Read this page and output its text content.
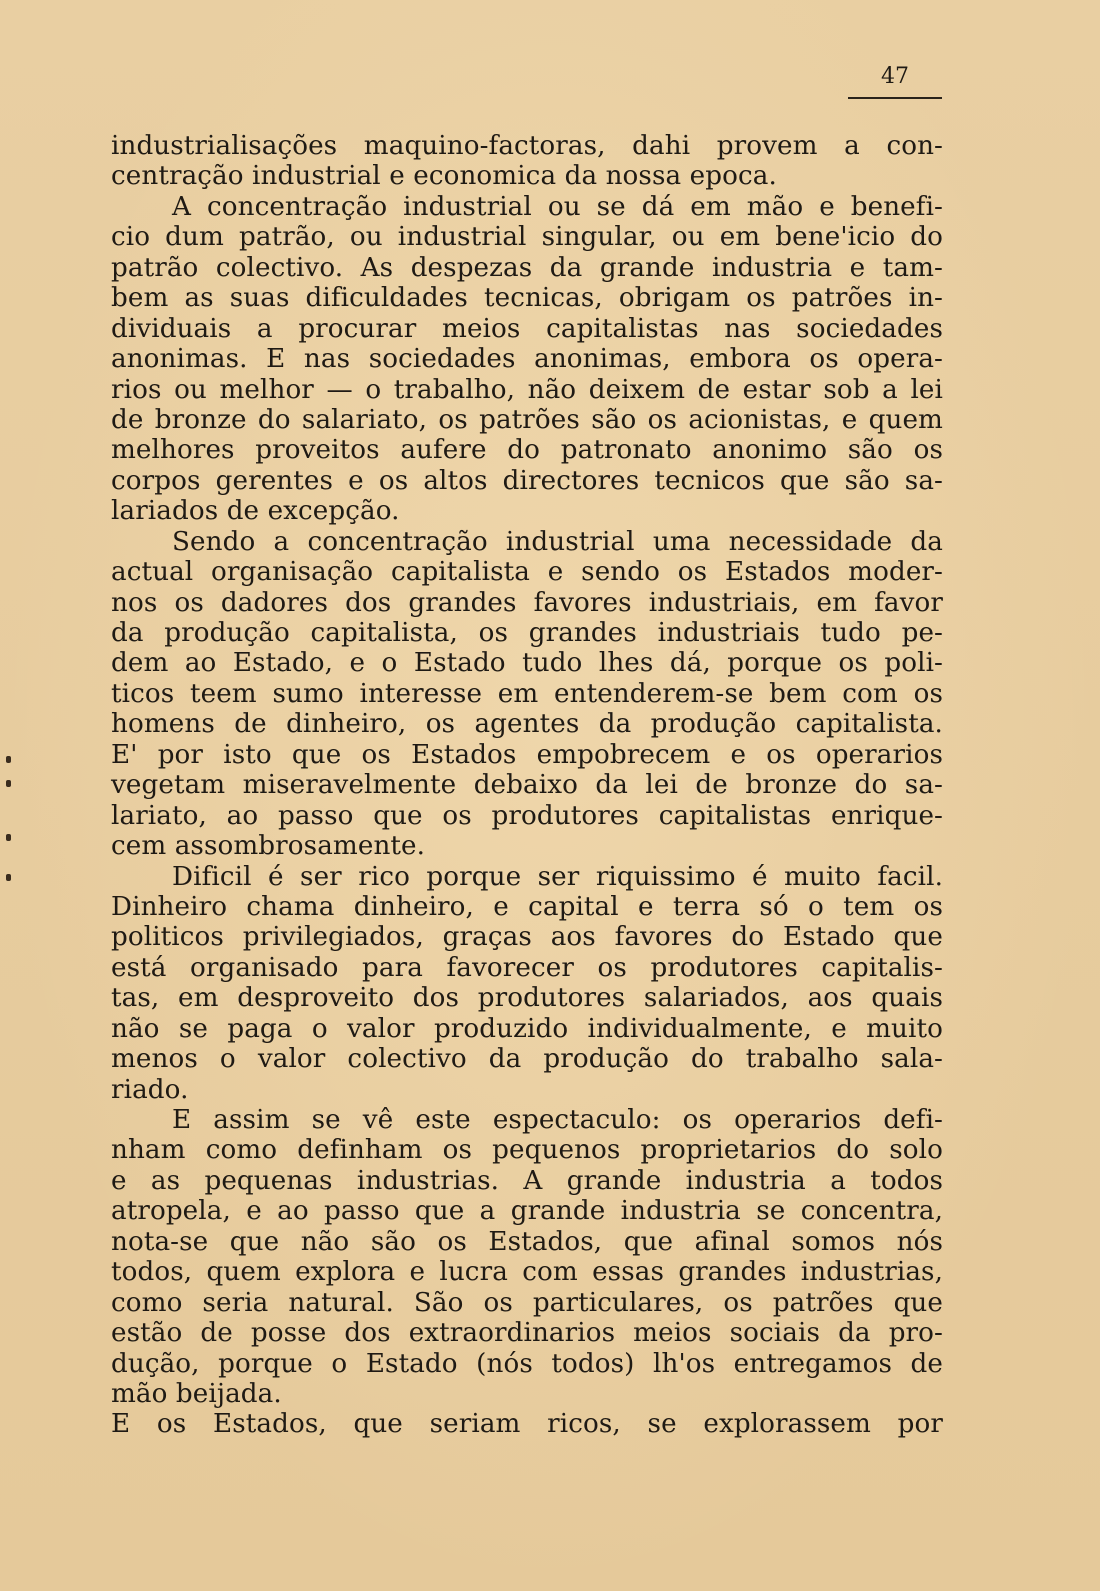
47
industrialisações maquino-factoras, dahi provem a con-
centração industrial e economica da nossa epoca.
A concentração industrial ou se dá em mão e benefi-
cio dum patrão, ou industrial singular, ou em bene'icio do
patrão colectivo. As despezas da grande industria e tam-
bem as suas dificuldades tecnicas, obrigam os patrões in-
dividuais a procurar meios capitalistas nas sociedades
anonimas. E nas sociedades anonimas, embora os opera-
rios ou melhor — o trabalho, não deixem de estar sob a lei
de bronze do salariato, os patrões são os acionistas, e quem
melhores proveitos aufere do patronato anonimo são os
corpos gerentes e os altos directores tecnicos que são sa-
lariados de excepção.
Sendo a concentração industrial uma necessidade da
actual organisação capitalista e sendo os Estados moder-
nos os dadores dos grandes favores industriais, em favor
da produção capitalista, os grandes industriais tudo pe-
dem ao Estado, e o Estado tudo lhes dá, porque os poli-
ticos teem sumo interesse em entenderem-se bem com os
homens de dinheiro, os agentes da produção capitalista.
E' por isto que os Estados empobrecem e os operarios
vegetam miseravelmente debaixo da lei de bronze do sa-
lariato, ao passo que os produtores capitalistas enrique-
cem assombrosamente.
Dificil é ser rico porque ser riquissimo é muito facil.
Dinheiro chama dinheiro, e capital e terra só o tem os
politicos privilegiados, graças aos favores do Estado que
está organisado para favorecer os produtores capitalis-
tas, em desproveito dos produtores salariados, aos quais
não se paga o valor produzido individualmente, e muito
menos o valor colectivo da produção do trabalho sala-
riado.
E assim se vê este espectaculo: os operarios defi-
nham como definham os pequenos proprietarios do solo
e as pequenas industrias. A grande industria a todos
atropela, e ao passo que a grande industria se concentra,
nota-se que não são os Estados, que afinal somos nós
todos, quem explora e lucra com essas grandes industrias,
como seria natural. São os particulares, os patrões que
estão de posse dos extraordinarios meios sociais da pro-
dução, porque o Estado (nós todos) lh'os entregamos de
mão beijada.
E os Estados, que seriam ricos, se explorassem por
